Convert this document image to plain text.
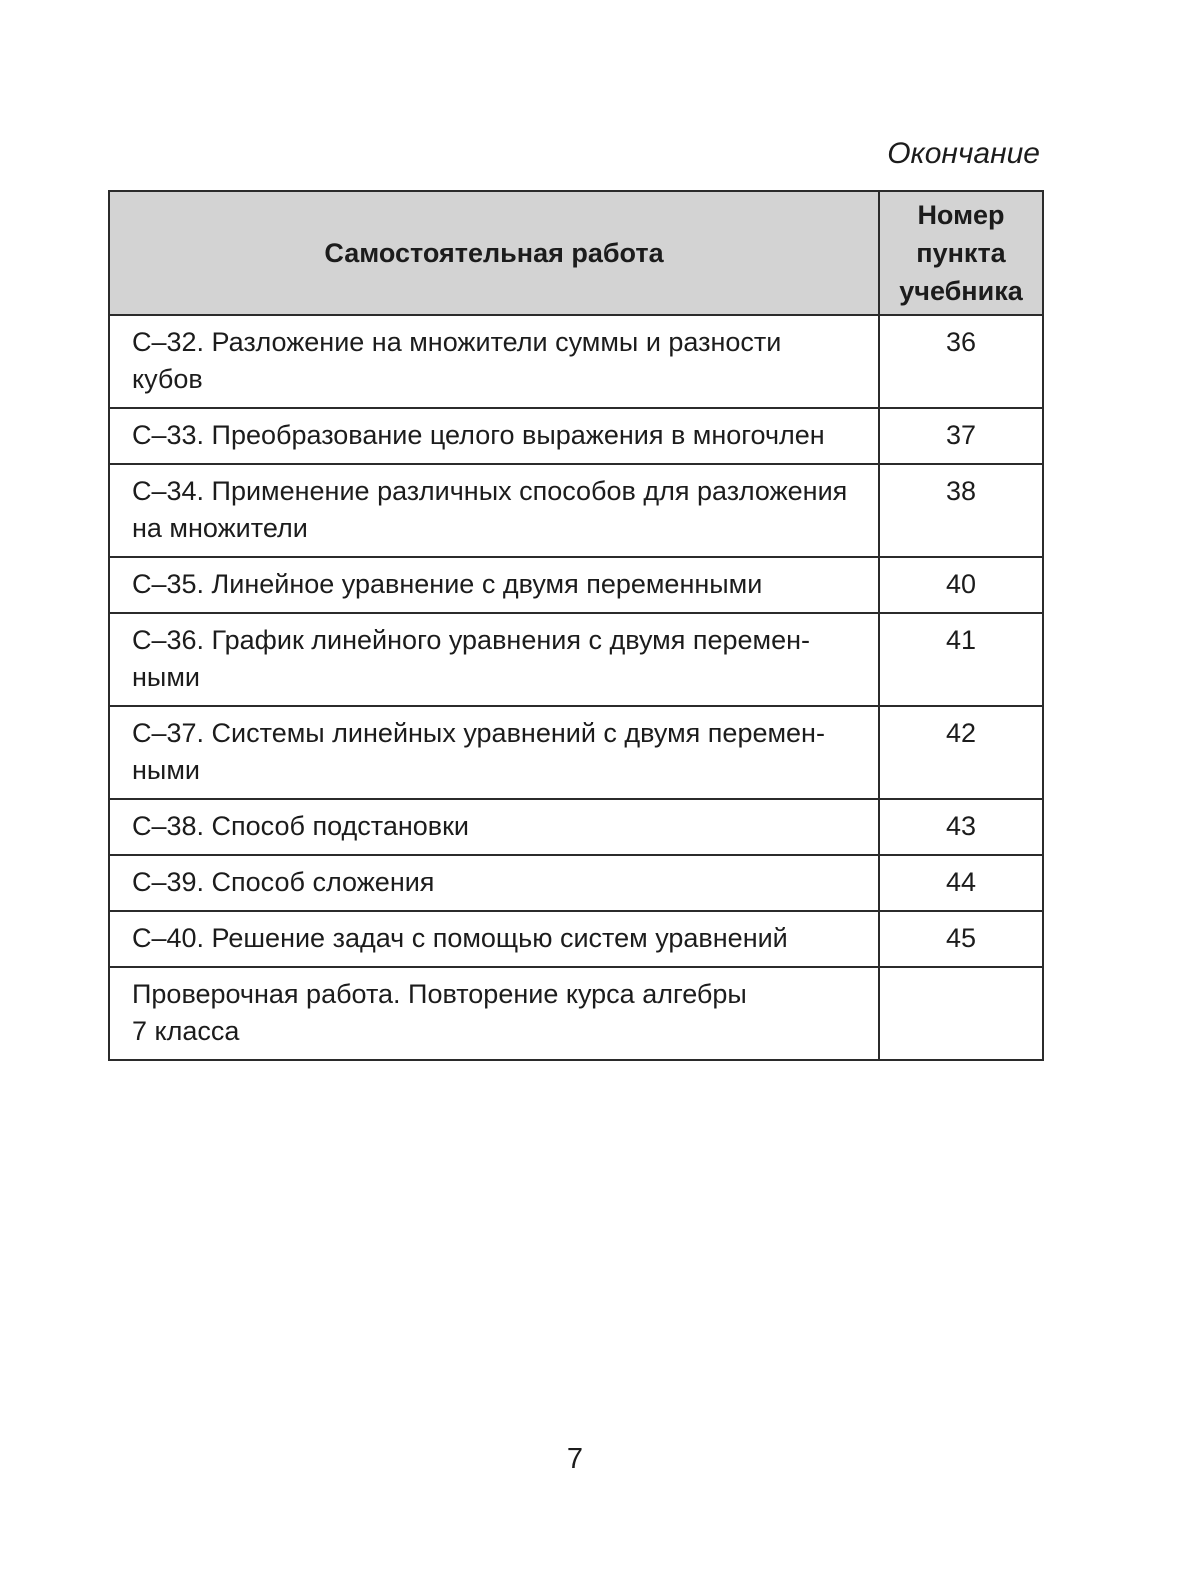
Окончание
Самостоятельная работа	Номер пункта учебника

С–32. Разложение на множители суммы и разности
кубов	36

С–33. Преобразование целого выражения в многочлен	37

С–34. Применение различных способов для разложения
на множители	38

С–35. Линейное уравнение с двумя переменными	40

С–36. График линейного уравнения с двумя перемен-
ными	41

С–37. Системы линейных уравнений с двумя перемен-
ными	42

С–38. Способ подстановки	43

С–39. Способ сложения	44

С–40. Решение задач с помощью систем уравнений	45

Проверочная работа. Повторение курса алгебры
7 класса	

7
